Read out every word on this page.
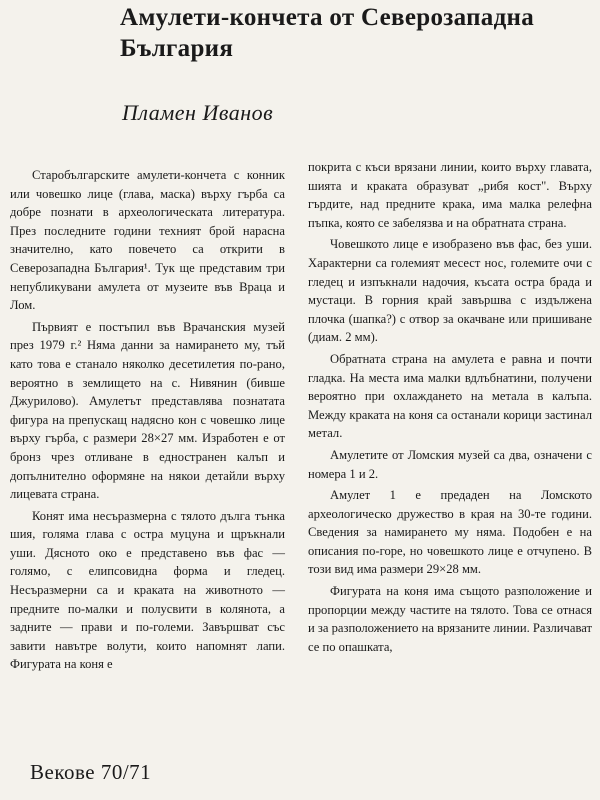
Амулети-кончета от Северозападна България
Пламен Иванов

Старобългарските амулети-кончета с конник или човешко лице (глава, маска) върху гърба са добре познати в археологическата литература. През последните години техният брой нарасна значително, като повечето са открити в Северозападна България¹. Тук ще представим три непубликувани амулета от музеите във Враца и Лом.

Първият е постъпил във Врачанския музей през 1979 г.² Няма данни за намирането му, тъй като това е станало няколко десетилетия по-рано, вероятно в землището на с. Нивянин (бивше Джурилово). Амулетът представлява познатата фигура на препускащ надясно кон с човешко лице върху гърба, с размери 28×27 мм. Изработен е от бронз чрез отливане в едностранен калъп и допълнително оформяне на някои детайли върху лицевата страна.

Конят има несъразмерна с тялото дълга тънка шия, голяма глава с остра муцуна и щръкнали уши. Дясното око е представено във фас — голямо, с елипсовидна форма и гледец. Несъразмерни са и краката на животното — предните по-малки и полусвити в колянота, а задните — прави и по-големи. Завършват със завити навътре волути, които напомнят лапи. Фигурата на коня е

покрита с къси врязани линии, които върху главата, шията и краката образуват „рибя кост". Върху гърдите, над предните крака, има малка релефна пъпка, която се забелязва и на обратната страна.

Човешкото лице е изобразено във фас, без уши. Характерни са големият месест нос, големите очи с гледец и изпъкнали надочия, късата остра брада и мустаци. В горния край завършва с издължена плочка (шапка?) с отвор за окачване или пришиване (диам. 2 мм).

Обратната страна на амулета е равна и почти гладка. На места има малки вдлъбнатини, получени вероятно при охлаждането на метала в калъпа. Между краката на коня са останали корици застинал метал.

Амулетите от Ломския музей са два, означени с номера 1 и 2.

Амулет 1 е предаден на Ломското археологическо дружество в края на 30-те години. Сведения за намирането му няма. Подобен е на описания по-горе, но човешкото лице е отчупено. В този вид има размери 29×28 мм.

Фигурата на коня има същото разположение и пропорции между частите на тялото. Това се отнася и за разположението на врязаните линии. Различават се по опашката,

Векове 70/71
